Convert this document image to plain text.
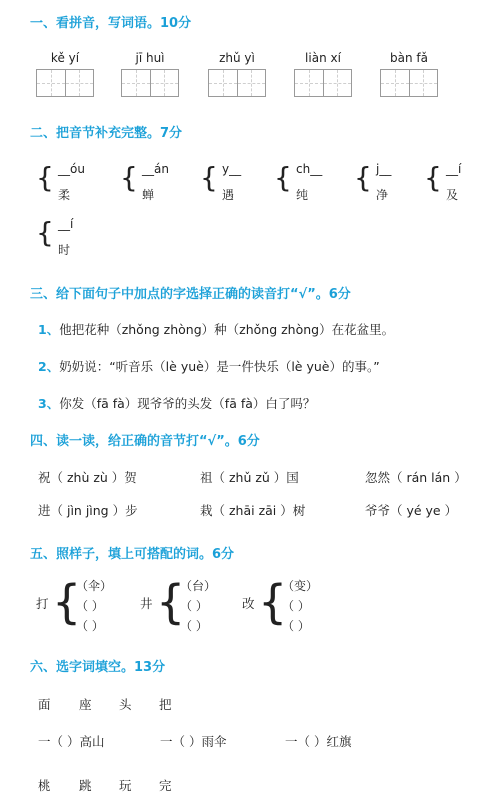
一、看拼音，写词语。10分
kě yí	jī huì	zhǔ yì	liàn xí	bàn fǎ
二、把音节补充完整。7分
{ __óu
柔
{ __án
蝉
{ y__
遇
{ ch__
纯
{ j__
净
{ __í
及
{ __í
时
三、给下面句子中加点的字选择正确的读音打“√”。6分
1、他把花种（zhǒng zhòng）种（zhǒng zhòng）在花盆里。
2、奶奶说：“听音乐（lè yuè）是一件快乐（lè yuè）的事。”
3、你发（fā fà）现爷爷的头发（fā fà）白了吗？
四、读一读，给正确的音节打“√”。6分
祝（ zhù zù ）贺	祖（ zhǔ zǔ ）国	忽然（ rán lán ）
进（ jìn jìng ）步	栽（ zhāi zāi ）树	爷爷（ yé ye ）
五、照样子，填上可搭配的词。6分
打 {
（伞）
（ ）
（ ）
井 {
（台）
（ ）
（ ）
改 {
（变）
（ ）
（ ）
六、选字词填空。13分
面 座 头 把
一（ ）高山	一（ ）雨伞	一（ ）红旗
桃 跳 玩 完
